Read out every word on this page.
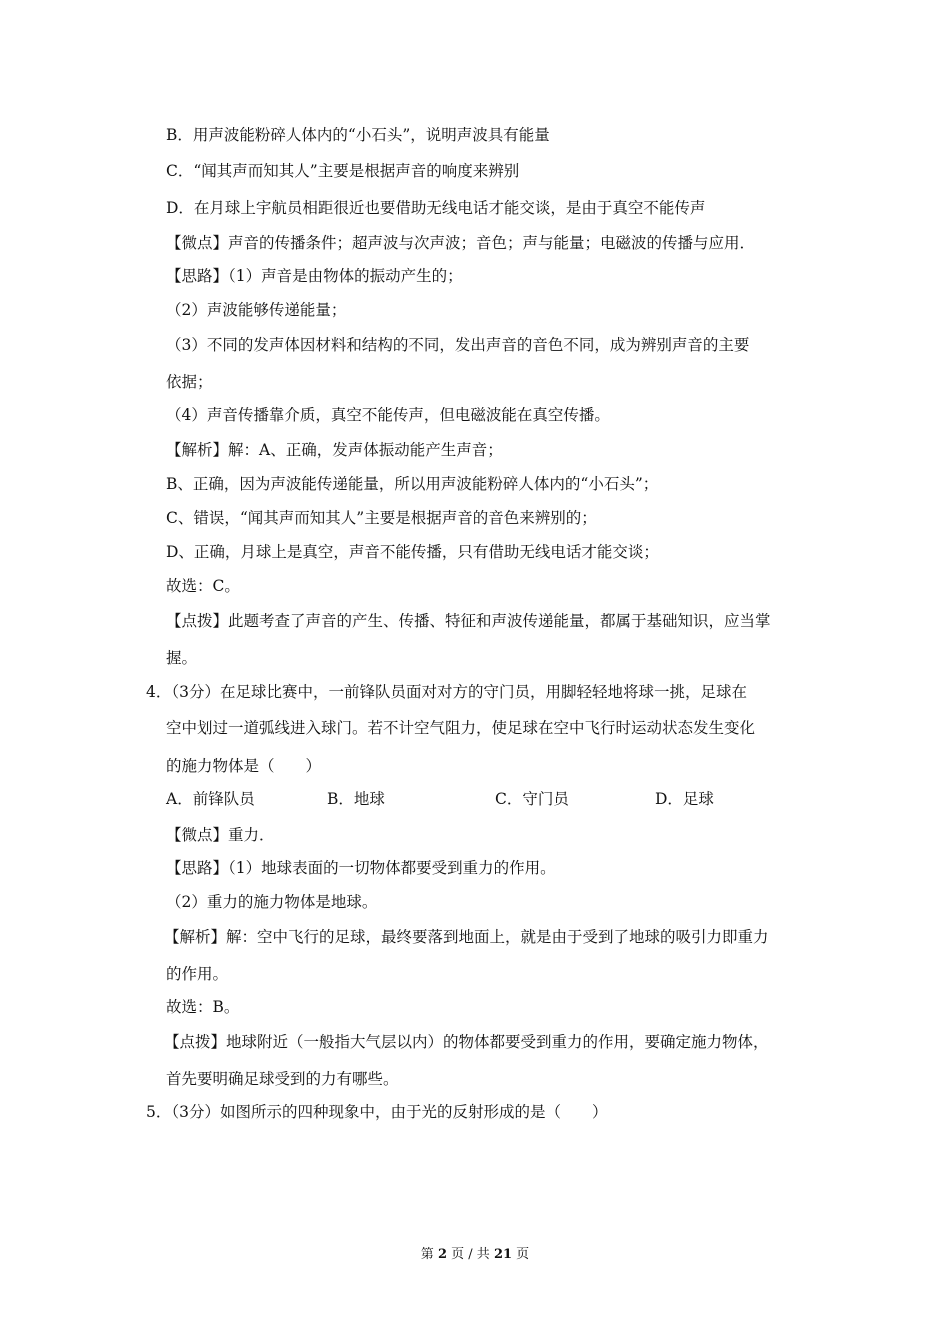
B．用声波能粉碎人体内的“小石头”，说明声波具有能量
C．“闻其声而知其人”主要是根据声音的响度来辨别
D．在月球上宇航员相距很近也要借助无线电话才能交谈，是由于真空不能传声
【微点】声音的传播条件；超声波与次声波；音色；声与能量；电磁波的传播与应用．
【思路】（1）声音是由物体的振动产生的；
（2）声波能够传递能量；
（3）不同的发声体因材料和结构的不同，发出声音的音色不同，成为辨别声音的主要
依据；
（4）声音传播靠介质，真空不能传声，但电磁波能在真空传播。
【解析】解：A、正确，发声体振动能产生声音；
B、正确，因为声波能传递能量，所以用声波能粉碎人体内的“小石头”；
C、错误，“闻其声而知其人”主要是根据声音的音色来辨别的；
D、正确，月球上是真空，声音不能传播，只有借助无线电话才能交谈；
故选：C。
【点拨】此题考查了声音的产生、传播、特征和声波传递能量，都属于基础知识，应当掌
握。
4．（3分）在足球比赛中，一前锋队员面对对方的守门员，用脚轻轻地将球一挑，足球在
空中划过一道弧线进入球门。若不计空气阻力，使足球在空中飞行时运动状态发生变化
的施力物体是（　　）
A．前锋队员	B．地球	C．守门员	D．足球
【微点】重力．
【思路】（1）地球表面的一切物体都要受到重力的作用。
（2）重力的施力物体是地球。
【解析】解：空中飞行的足球，最终要落到地面上，就是由于受到了地球的吸引力即重力
的作用。
故选：B。
【点拨】地球附近（一般指大气层以内）的物体都要受到重力的作用，要确定施力物体，
首先要明确足球受到的力有哪些。
5．（3分）如图所示的四种现象中，由于光的反射形成的是（　　）
第 2 页 / 共 21 页
